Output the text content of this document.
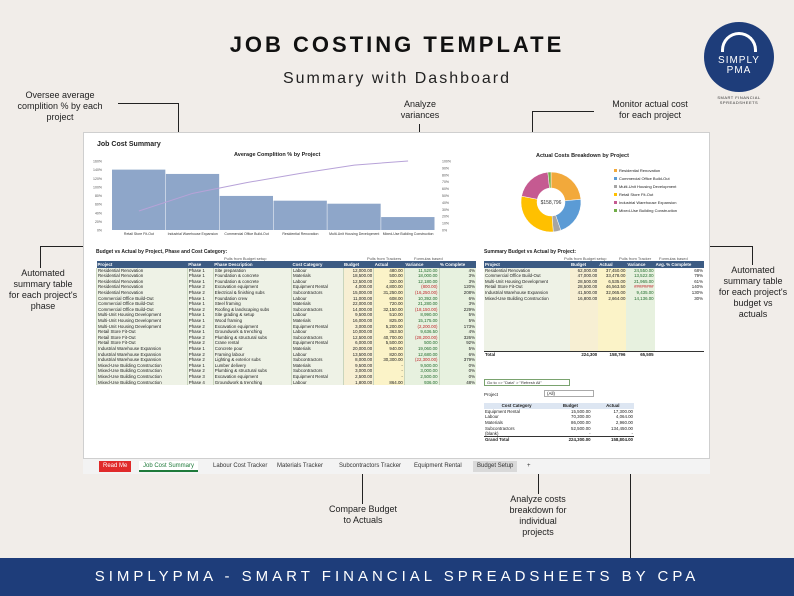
JOB COSTING TEMPLATE
Summary with Dashboard
SIMPLY
PMA
SMART FINANCIAL SPREADSHEETS
Oversee average
complition % by each
project
Analyze
variances
Monitor actual cost
for each project
Automated
summary table
for each project's
phase
Automated
summary table
for each project's
budget vs
actuals
Compare Budget
to Actuals
Analyze costs
breakdown for
individual
projects
Job Cost Summary
Average Complition % by Project
0%
20%
40%
60%
80%
100%
120%
140%
160%
0%
10%
20%
30%
40%
50%
60%
70%
80%
90%
100%
Retail Store Fit-Out	Industrial Warehouse Expansion Commercial Office Build-Out	Residential Renovation	Multi-Unit Housing Development Mixed-Use Building Construction
Actual Costs Breakdown by Project
$158,796
Residential Renovation
Commercial Office Build-Out
Multi-Unit Housing Development
Retail Store Fit-Out
Industrial Warehouse Expansion
Mixed-Use Building Construction
Budget vs Actual by Project, Phase and Cost Category:
Pulls from Budget setup	Pulls from Trackers	Formulas based
Project	Phase	Phase Description	Cost Category	Budget	Actual	Variance	% Complete
Residential Renovation	Phase 1	Site preparation	Labour	12,000.00	480.00	11,520.00	4%
Residential Renovation	Phase 1	Foundation & concrete	Materials	18,500.00	500.00	18,000.00	3%
Residential Renovation	Phase 1	Foundation & concrete	Labour	12,500.00	320.00	12,180.00	3%
Residential Renovation	Phase 2	Excavation equipment	Equipment Rental	4,000.00	4,800.00	(800.00)	120%
Residential Renovation	Phase 2	Electrical & finishing subs	Subcontractors	15,000.00	31,250.00	(16,250.00)	208%
Commercial Office Build-Out	Phase 1	Foundation crew	Labour	11,000.00	608.00	10,392.00	6%
Commercial Office Build-Out	Phase 1	Steel framing	Materials	22,000.00	720.00	21,280.00	3%
Commercial Office Build-Out	Phase 2	Roofing & landscaping subs	Subcontractors	14,000.00	32,150.00	(18,150.00)	229%
Multi-Unit Housing Development	Phase 1	Site grading & setup	Labour	9,500.00	510.00	8,990.00	5%
Multi-Unit Housing Development	Phase 1	Wood framing	Materials	16,000.00	825.00	15,175.00	5%
Multi-Unit Housing Development	Phase 2	Excavation equipment	Equipment Rental	3,000.00	5,200.00	(2,200.00)	173%
Retail Store Fit-Out	Phase 1	Groundwork & trenching	Labour	10,000.00	363.50	9,636.50	4%
Retail Store Fit-Out	Phase 2	Plumbing & structural subs	Subcontractors	12,500.00	40,700.00	(28,200.00)	326%
Retail Store Fit-Out	Phase 2	Crane rental	Equipment Rental	6,000.00	5,500.00	500.00	92%
Industrial Warehouse Expansion	Phase 1	Concrete pour	Materials	20,000.00	940.00	19,060.00	5%
Industrial Warehouse Expansion	Phase 2	Framing labour	Labour	13,500.00	820.00	12,680.00	6%
Industrial Warehouse Expansion	Phase 2	Lighting & exterior subs	Subcontractors	8,000.00	30,300.00	(22,300.00)	379%
Mixed-Use Building Construction	Phase 1	Lumber delivery	Materials	9,500.00	-	9,500.00	0%
Mixed-Use Building Construction	Phase 2	Plumbing & structural subs	Subcontractors	3,000.00	-	3,000.00	0%
Mixed-Use Building Construction	Phase 3	Excavation equipment	Equipment Rental	2,500.00	-	2,500.00	0%
Mixed-Use Building Construction	Phase 4	Groundwork & trenching	Labour	1,800.00	864.00	936.00	48%
Summary Budget vs Actual by Project:
Pulls from Budget setup	Pulls from Tracker Formulas based
Project	Budget	Actual	Variance	Avg. % Complete
Residential Renovation	62,000.00	37,450.00	24,550.00	68%
Commercial Office Build-Out	47,000.00	33,478.00	13,522.00	79%
Multi-Unit Housing Development	28,500.00	6,535.00	21,965.00	61%
Retail Store Fit-Out	28,500.00	46,563.50	########	140%
Industrial Warehouse Expansion	41,500.00	32,065.00	9,435.00	130%
Mixed-Use Building Construction	16,800.00	2,664.00	14,136.00	30%

Total	224,300	158,796	65,505	
Go to => "Data" > "Refresh All"
Project	(All)
Cost Category	Budget	Actual
Equipment Rental	15,500.00	17,300.00
Labour	70,300.00	4,064.00
Materials	86,000.00	2,960.00
Subcontractors	52,500.00	134,450.00
(blank)	-	-
Grand Total	224,300.00	158,804.00
Read Me	Job Cost Summary	Labour Cost Tracker	Materials Tracker	Subcontractors Tracker	Equipment Rental	Budget Setup	+
SIMPLYPMA - SMART FINANCIAL SPREADSHEETS BY CPA
